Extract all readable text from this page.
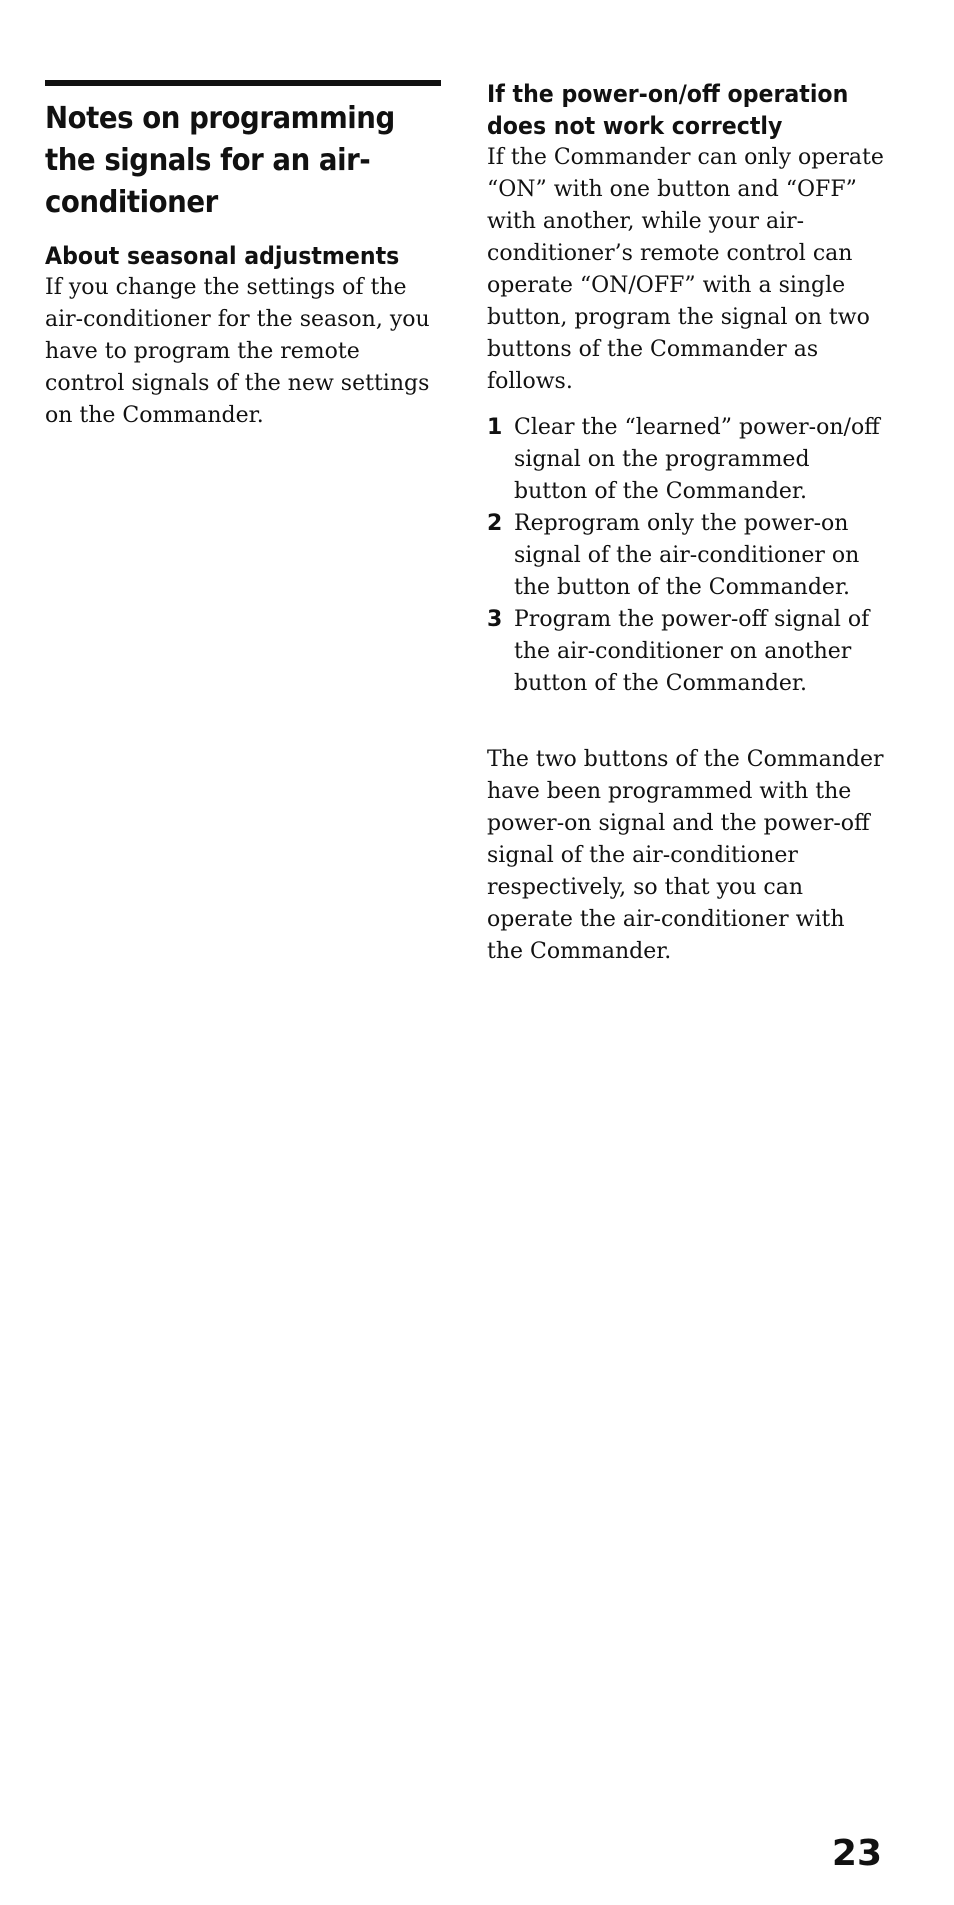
Notes on programming the signals for an air-conditioner
About seasonal adjustments

If you change the settings of the air-conditioner for the season, you have to program the remote control signals of the new settings on the Commander.

If the power-on/off operation does not work correctly

If the Commander can only operate “ON” with one button and “OFF” with another, while your air-conditioner’s remote control can operate “ON/OFF” with a single button, program the signal on two buttons of the Commander as follows.

1 Clear the “learned” power-on/off signal on the programmed button of the Commander.
2 Reprogram only the power-on signal of the air-conditioner on the button of the Commander.
3 Program the power-off signal of the air-conditioner on another button of the Commander.

The two buttons of the Commander have been programmed with the power-on signal and the power-off signal of the air-conditioner respectively, so that you can operate the air-conditioner with the Commander.

23
